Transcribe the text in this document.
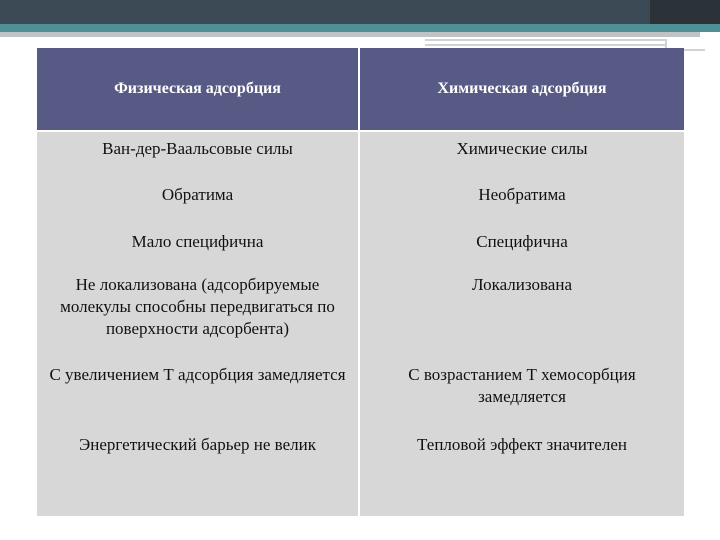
Физическая адсорбция	Химическая адсорбция
Ван-дер-Ваальсовые силы	Химические силы
Обратима	Необратима
Мало специфична	Специфична
Не локализована (адсорбируемые молекулы способны передвигаться по поверхности адсорбента)	Локализована
С увеличением Т адсорбция замедляется	С возрастанием Т хемосорбция замедляется
Энергетический барьер не велик	Тепловой эффект значителен
